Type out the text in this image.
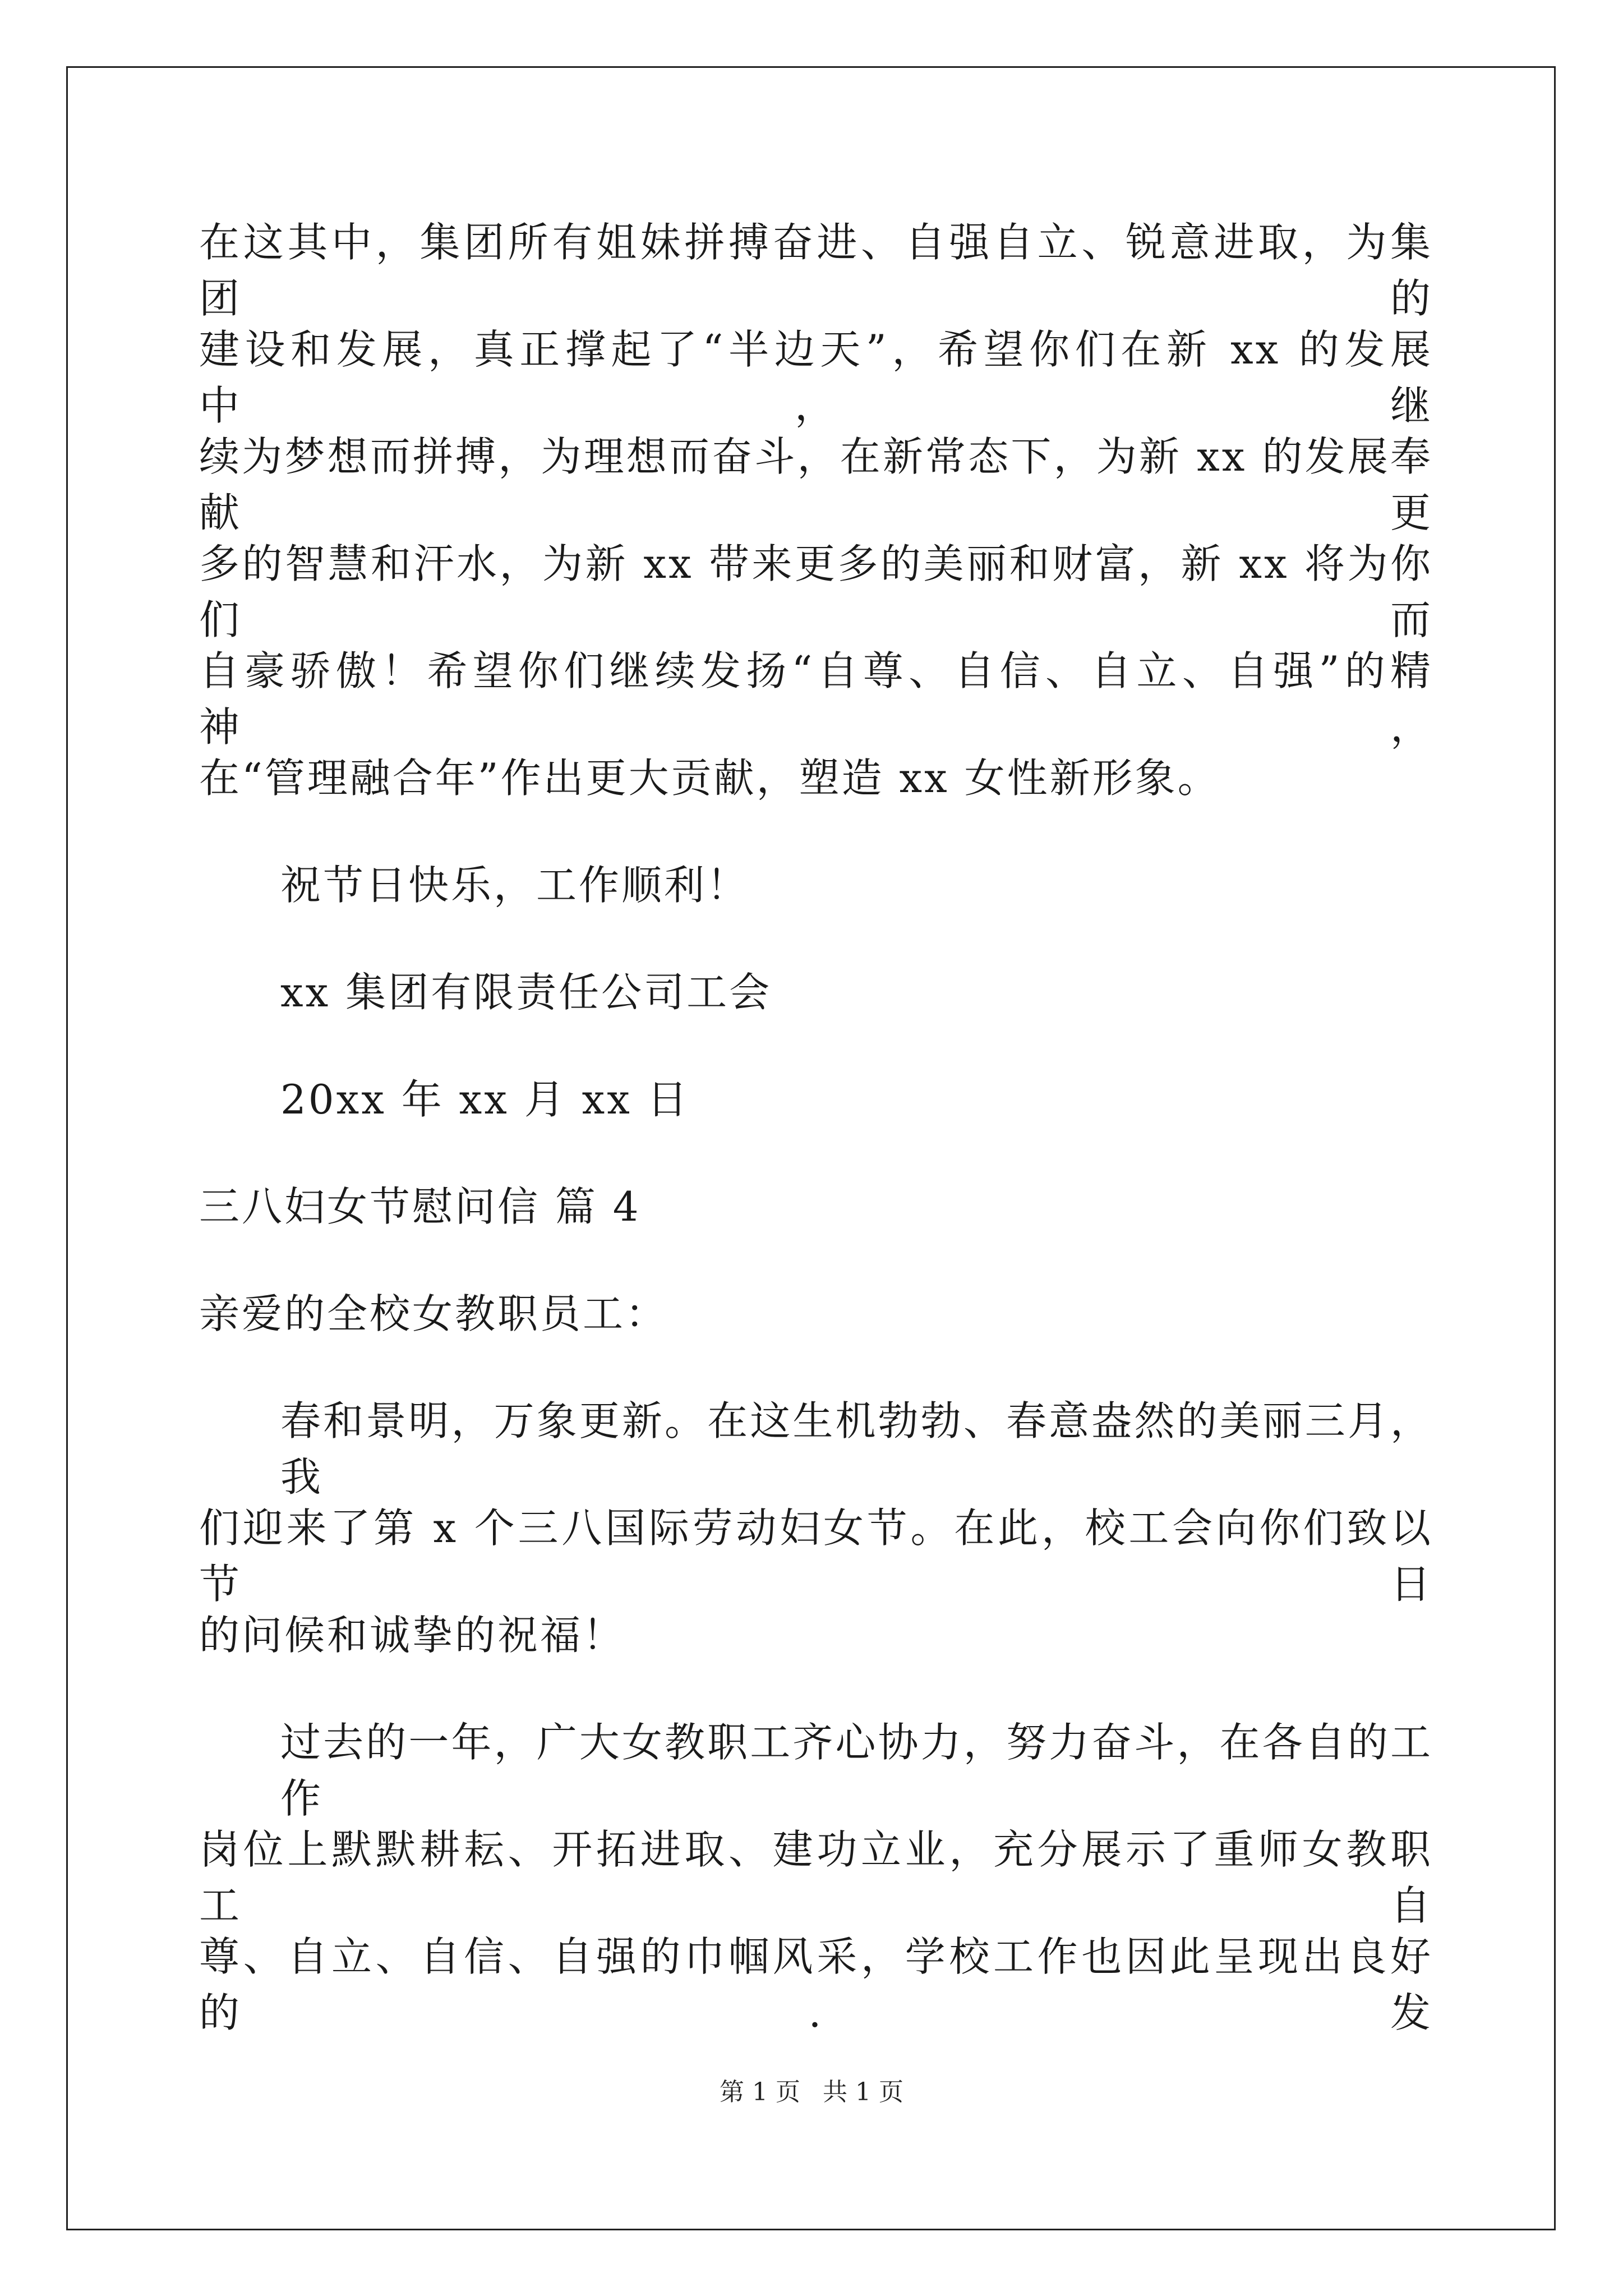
在这其中，集团所有姐妹拼搏奋进、自强自立、锐意进取，为集团的
建设和发展，真正撑起了“半边天”，希望你们在新 xx 的发展中，继
续为梦想而拼搏，为理想而奋斗，在新常态下，为新 xx 的发展奉献更
多的智慧和汗水，为新 xx 带来更多的美丽和财富，新 xx 将为你们而
自豪骄傲！希望你们继续发扬“自尊、自信、自立、自强”的精神，
在“管理融合年”作出更大贡献，塑造 xx 女性新形象。
祝节日快乐，工作顺利！
xx 集团有限责任公司工会
20xx 年 xx 月 xx 日
三八妇女节慰问信 篇 4
亲爱的全校女教职员工：
春和景明，万象更新。在这生机勃勃、春意盎然的美丽三月，我
们迎来了第 x 个三八国际劳动妇女节。在此，校工会向你们致以节日
的问候和诚挚的祝福！
过去的一年，广大女教职工齐心协力，努力奋斗，在各自的工作
岗位上默默耕耘、开拓进取、建功立业，充分展示了重师女教职工自
尊、自立、自信、自强的巾帼风采，学校工作也因此呈现出良好的.发
第 1 页 共 1 页
